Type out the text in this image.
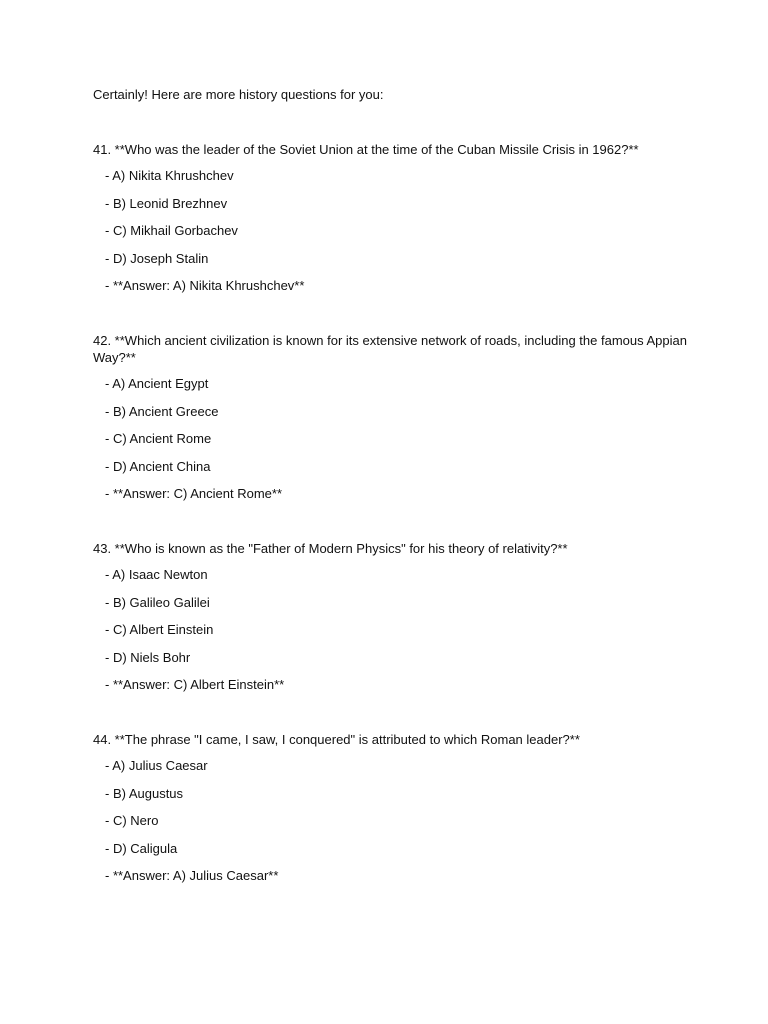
Certainly! Here are more history questions for you:

41. **Who was the leader of the Soviet Union at the time of the Cuban Missile Crisis in 1962?**

- A) Nikita Khrushchev

- B) Leonid Brezhnev

- C) Mikhail Gorbachev

- D) Joseph Stalin

- **Answer: A) Nikita Khrushchev**

42. **Which ancient civilization is known for its extensive network of roads, including the famous Appian Way?**

- A) Ancient Egypt

- B) Ancient Greece

- C) Ancient Rome

- D) Ancient China

- **Answer: C) Ancient Rome**

43. **Who is known as the "Father of Modern Physics" for his theory of relativity?**

- A) Isaac Newton

- B) Galileo Galilei

- C) Albert Einstein

- D) Niels Bohr

- **Answer: C) Albert Einstein**

44. **The phrase "I came, I saw, I conquered" is attributed to which Roman leader?**

- A) Julius Caesar

- B) Augustus

- C) Nero

- D) Caligula

- **Answer: A) Julius Caesar**
